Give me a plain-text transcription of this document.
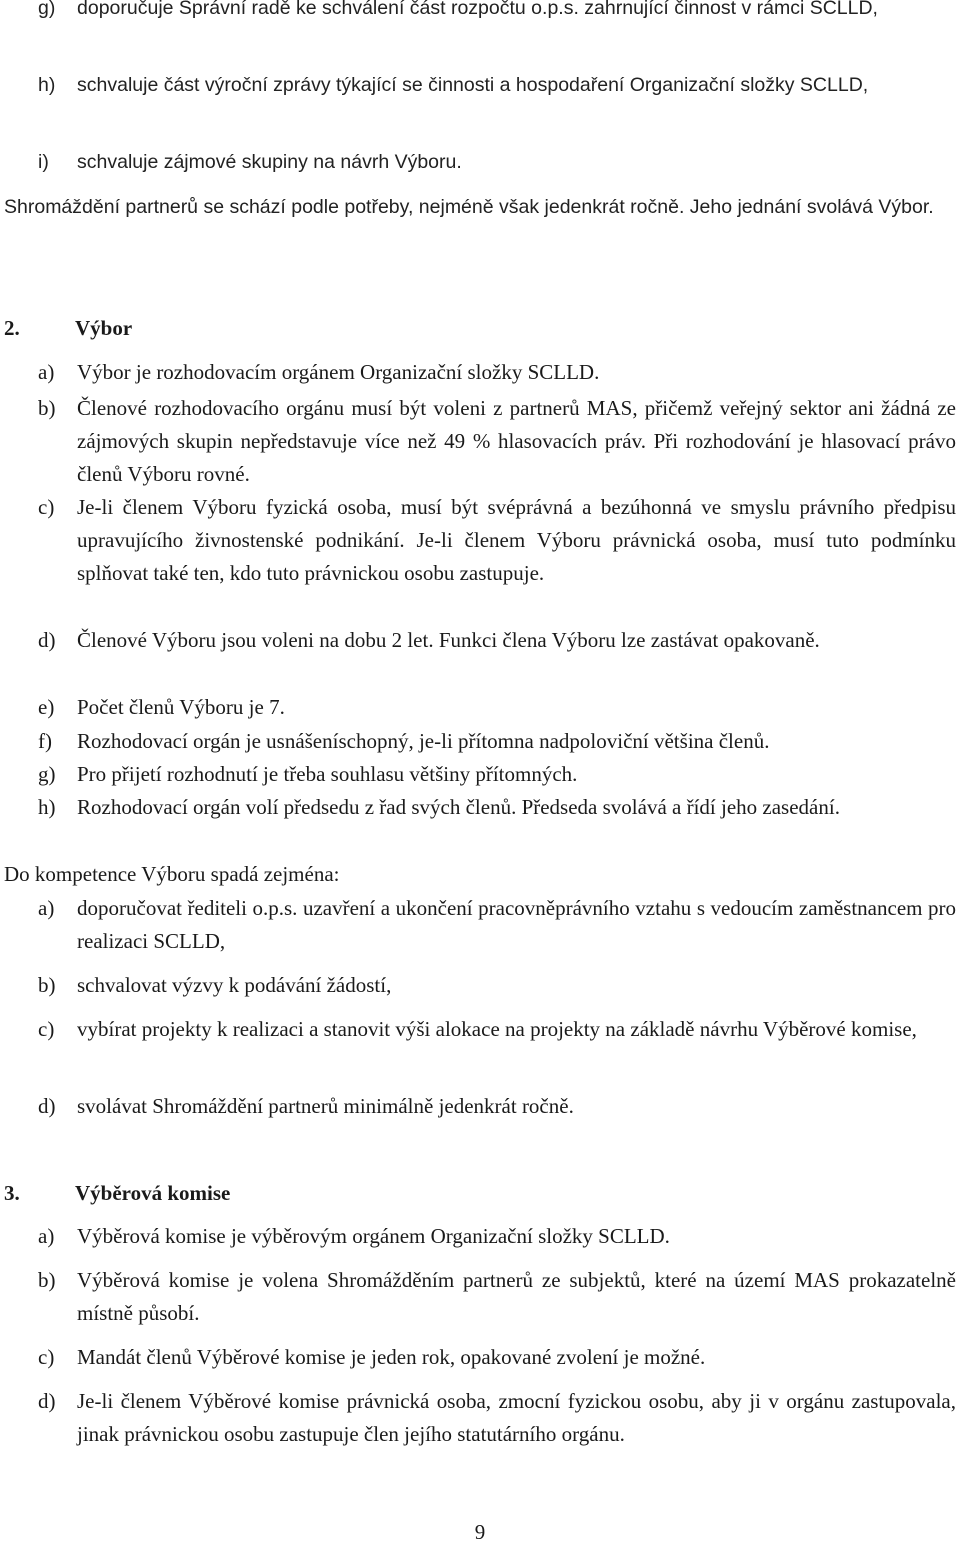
g)	doporučuje Správní radě ke schválení část rozpočtu o.p.s. zahrnující činnost v rámci SCLLD,
h)	schvaluje část výroční zprávy týkající se činnosti a hospodaření Organizační složky SCLLD,
i)	schvaluje zájmové skupiny na návrh Výboru.
Shromáždění partnerů se schází podle potřeby, nejméně však jedenkrát ročně. Jeho jednání svolává Výbor.
2.	Výbor
a)	Výbor je rozhodovacím orgánem Organizační složky SCLLD.
b)	Členové rozhodovacího orgánu musí být voleni z partnerů MAS, přičemž veřejný sektor ani žádná ze zájmových skupin nepředstavuje více než 49 % hlasovacích práv. Při rozhodování je hlasovací právo členů Výboru rovné.
c)	Je-li členem Výboru fyzická osoba, musí být svéprávná a bezúhonná ve smyslu právního předpisu upravujícího živnostenské podnikání. Je-li členem Výboru právnická osoba, musí tuto podmínku splňovat také ten, kdo tuto právnickou osobu zastupuje.
d)	Členové Výboru jsou voleni na dobu 2 let. Funkci člena Výboru lze zastávat opakovaně.
e)	Počet členů Výboru je 7.
f)	Rozhodovací orgán je usnášeníschopný, je-li přítomna nadpoloviční většina členů.
g)	Pro přijetí rozhodnutí je třeba souhlasu většiny přítomných.
h)	Rozhodovací orgán volí předsedu z řad svých členů. Předseda svolává a řídí jeho zasedání.
Do kompetence Výboru spadá zejména:
a)	doporučovat řediteli o.p.s. uzavření a ukončení pracovněprávního vztahu s vedoucím zaměstnancem pro realizaci SCLLD,
b)	schvalovat výzvy k podávání žádostí,
c)	vybírat projekty k realizaci a stanovit výši alokace na projekty na základě návrhu Výběrové komise,
d)	svolávat Shromáždění partnerů minimálně jedenkrát ročně.
3.	Výběrová komise
a)	Výběrová komise je výběrovým orgánem Organizační složky SCLLD.
b)	Výběrová komise je volena Shromážděním partnerů ze subjektů, které na území MAS prokazatelně místně působí.
c)	Mandát členů Výběrové komise je jeden rok, opakované zvolení je možné.
d)	Je-li členem Výběrové komise právnická osoba, zmocní fyzickou osobu, aby ji v orgánu zastupovala, jinak právnickou osobu zastupuje člen jejího statutárního orgánu.
9
